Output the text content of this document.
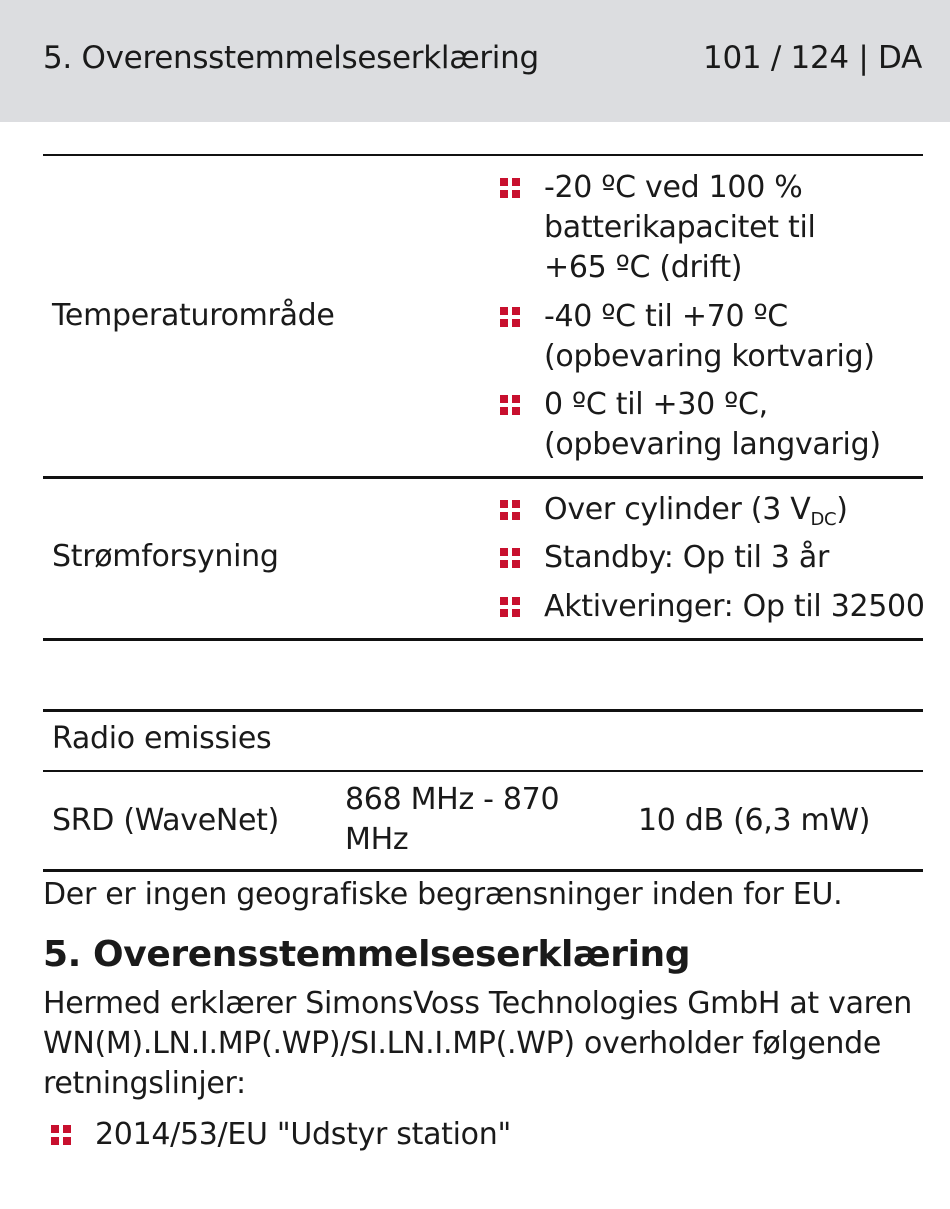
5. Overensstemmelseserklæring	101 / 124 | DA
Temperaturområde
-20 ºC ved 100 %
batterikapacitet til
+65 ºC (drift)
-40 ºC til +70 ºC
(opbevaring kortvarig)
0 ºC til +30 ºC,
(opbevaring langvarig)
Strømforsyning
Over cylinder (3 $V_{DC}$)
Standby: Op til 3 år
Aktiveringer: Op til 32500
Radio emissies
SRD (WaveNet)
868 MHz - 870
MHz
10 dB (6,3 mW)
Der er ingen geografiske begrænsninger inden for EU.
5. Overensstemmelseserklæring
Hermed erklærer SimonsVoss Technologies GmbH at varen
WN(M).LN.I.MP(.WP)/SI.LN.I.MP(.WP) overholder følgende
retningslinjer:
2014/53/EU "Udstyr station"
